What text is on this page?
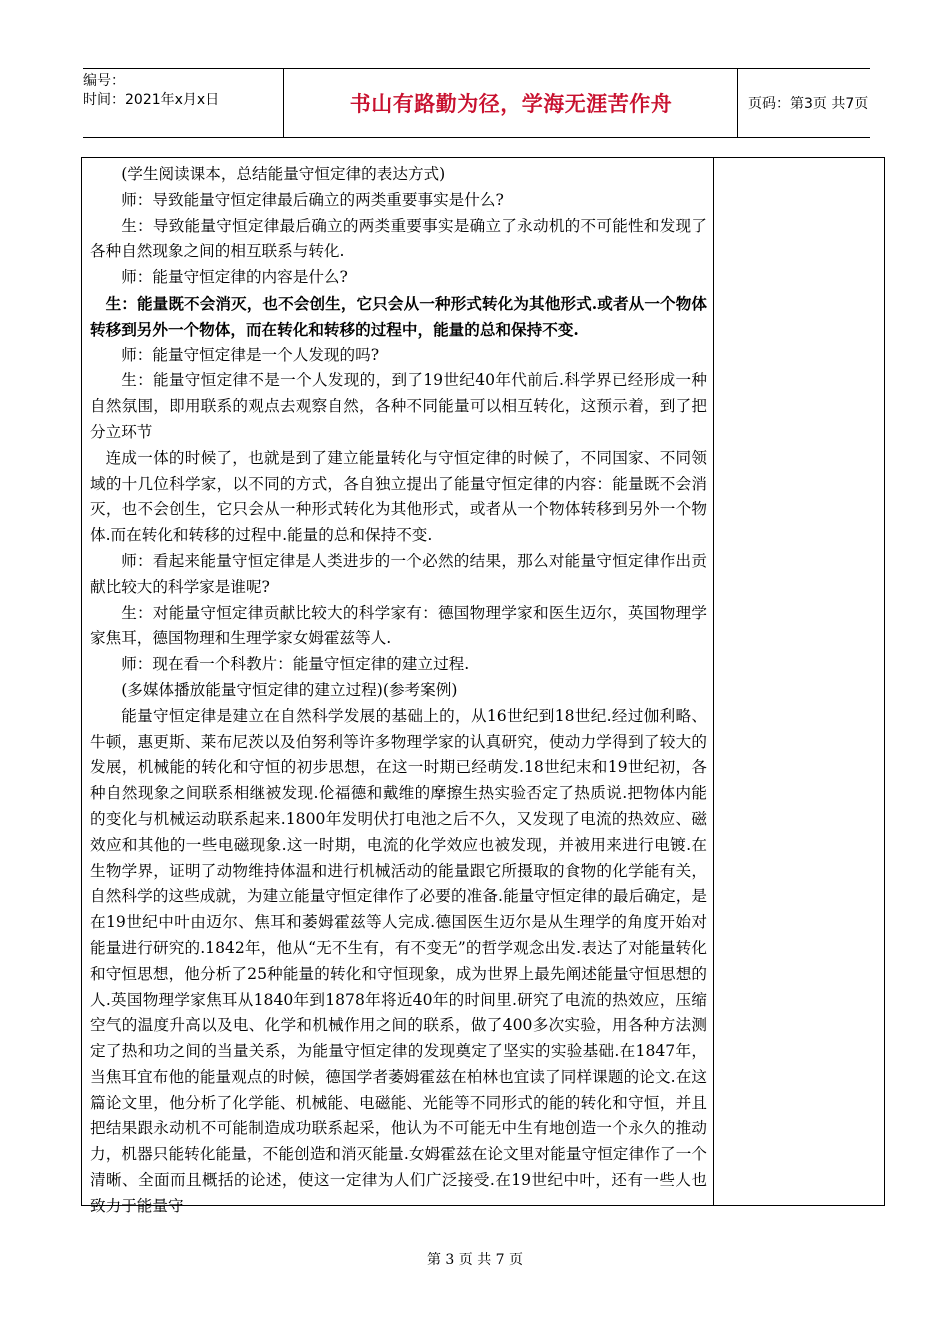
编号：
时间：2021年x月x日	书山有路勤为径，学海无涯苦作舟	页码：第3页 共7页

(学生阅读课本，总结能量守恒定律的表达方式)

师：导致能量守恒定律最后确立的两类重要事实是什么?

生：导致能量守恒定律最后确立的两类重要事实是确立了永动机的不可能性和发现了各种自然现象之间的相互联系与转化.

师：能量守恒定律的内容是什么?

生：能量既不会消灭，也不会创生，它只会从一种形式转化为其他形式.或者从一个物体转移到另外一个物体，而在转化和转移的过程中，能量的总和保持不变.

师：能量守恒定律是一个人发现的吗?

生：能量守恒定律不是一个人发现的，到了19世纪40年代前后.科学界已经形成一种自然氛围，即用联系的观点去观察自然，各种不同能量可以相互转化，这预示着，到了把分立环节

连成一体的时候了，也就是到了建立能量转化与守恒定律的时候了，不同国家、不同领域的十几位科学家，以不同的方式，各自独立提出了能量守恒定律的内容：能量既不会消灭，也不会创生，它只会从一种形式转化为其他形式，或者从一个物体转移到另外一个物体.而在转化和转移的过程中.能量的总和保持不变.

师：看起来能量守恒定律是人类进步的一个必然的结果，那么对能量守恒定律作出贡献比较大的科学家是谁呢?

生：对能量守恒定律贡献比较大的科学家有：德国物理学家和医生迈尔，英国物理学家焦耳，德国物理和生理学家女姆霍兹等人.

师：现在看一个科教片：能量守恒定律的建立过程.

(多媒体播放能量守恒定律的建立过程)(参考案例)

能量守恒定律是建立在自然科学发展的基础上的，从16世纪到18世纪.经过伽利略、牛顿，惠更斯、莱布尼茨以及伯努利等许多物理学家的认真研究，使动力学得到了较大的发展，机械能的转化和守恒的初步思想，在这一时期已经萌发.18世纪末和19世纪初，各种自然现象之间联系相继被发现.伦福德和戴维的摩擦生热实验否定了热质说.把物体内能的变化与机械运动联系起来.1800年发明伏打电池之后不久，又发现了电流的热效应、磁效应和其他的一些电磁现象.这一时期，电流的化学效应也被发现，并被用来进行电镀.在生物学界，证明了动物维持体温和进行机械活动的能量跟它所摄取的食物的化学能有关，自然科学的这些成就，为建立能量守恒定律作了必要的准备.能量守恒定律的最后确定，是在19世纪中叶由迈尔、焦耳和萎姆霍兹等人完成.德国医生迈尔是从生理学的角度开始对能量进行研究的.1842年，他从“无不生有，有不变无”的哲学观念出发.表达了对能量转化和守恒思想，他分析了25种能量的转化和守恒现象，成为世界上最先阐述能量守恒思想的人.英国物理学家焦耳从1840年到1878年将近40年的时间里.研究了电流的热效应，压缩空气的温度升高以及电、化学和机械作用之间的联系，做了400多次实验，用各种方法测定了热和功之间的当量关系，为能量守恒定律的发现奠定了坚实的实验基础.在1847年，当焦耳宜布他的能量观点的时候，德国学者萎姆霍兹在柏林也宜读了同样课题的论文.在这篇论文里，他分析了化学能、机械能、电磁能、光能等不同形式的能的转化和守恒，并且把结果跟永动机不可能制造成功联系起采，他认为不可能无中生有地创造一个永久的推动力，机器只能转化能量，不能创造和消灭能量.女姆霍兹在论文里对能量守恒定律作了一个清晰、全面而且概括的论述，使这一定律为人们广泛接受.在19世纪中叶，还有一些人也致力于能量守

第 3 页 共 7 页
